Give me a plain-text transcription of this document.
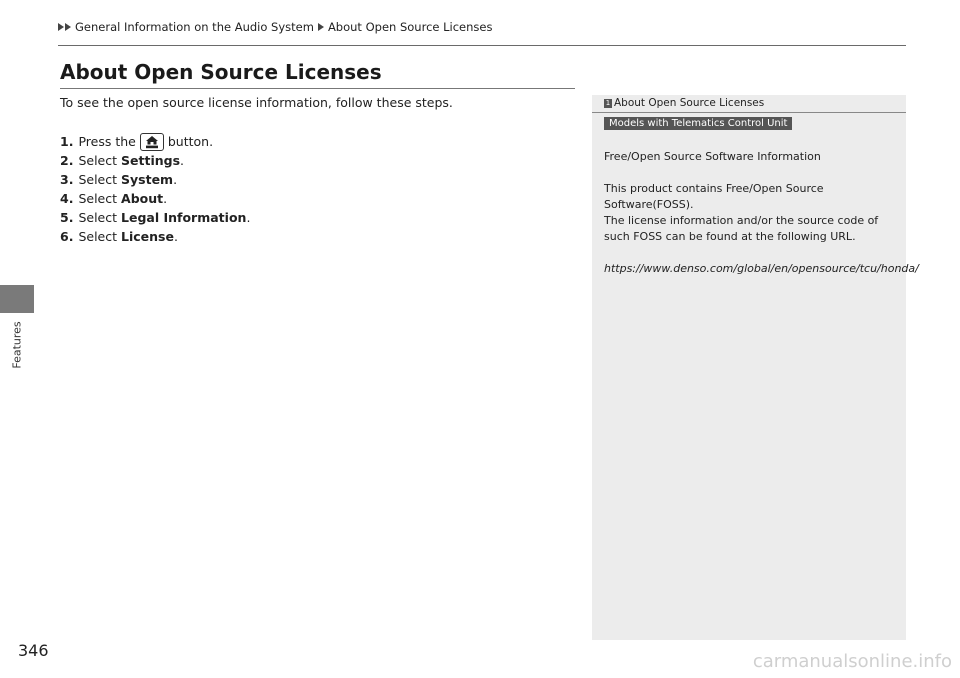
General Information on the Audio System About Open Source Licenses
Features
About Open Source Licenses
To see the open source license information, follow these steps.
1. Press the	button.
2. Select Settings .
3. Select System .
4. Select About .
5. Select Legal Information .
6. Select License .
1 About Open Source Licenses
Models with Telematics Control Unit

Free/Open Source Software Information

This product contains Free/Open Source Software(FOSS).

The license information and/or the source code of such FOSS can be found at the following URL.

https://www.denso.com/global/en/opensource/tcu/honda/

346
carmanualsonline.info
